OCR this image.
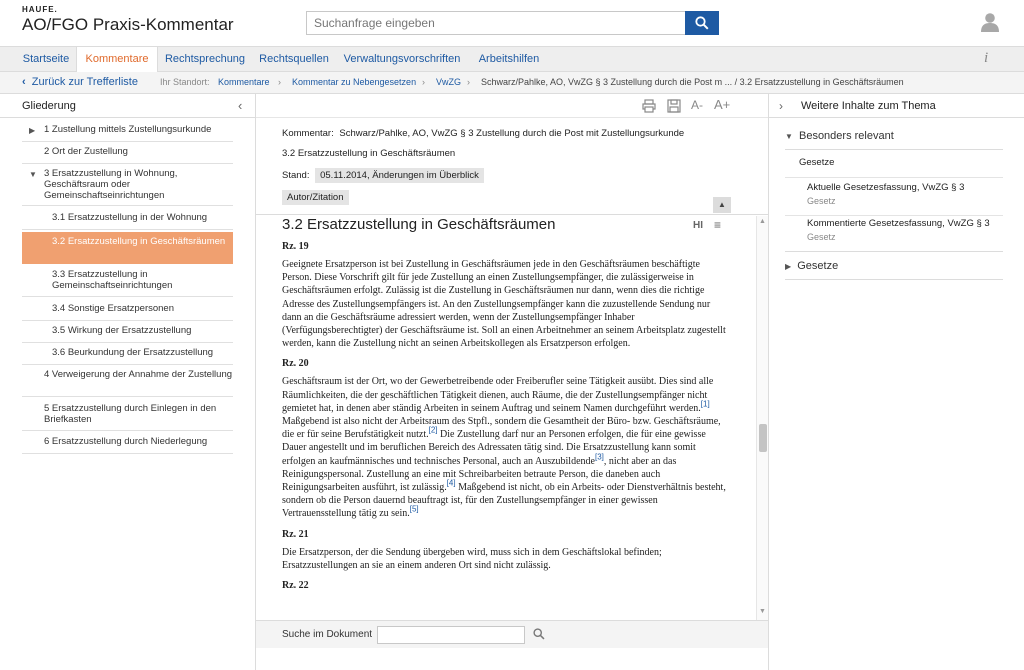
HAUFE.
AO/FGO Praxis-Kommentar
Suchanfrage eingeben
Startseite	Kommentare	Rechtsprechung	Rechtsquellen	Verwaltungsvorschriften	Arbeitshilfen	i
‹ Zurück zur Trefferliste Ihr Standort: Kommentare › Kommentar zu Nebengesetzen › VwZG › Schwarz/Pahlke, AO, VwZG § 3 Zustellung durch die Post m ... / 3.2 Ersatzzustellung in Geschäftsräumen
Gliederung	‹
▶ 1 Zustellung mittels Zustellungsurkunde
2 Ort der Zustellung
▼ 3 Ersatzzustellung in Wohnung, Geschäftsraum oder Gemeinschaftseinrichtungen
3.1 Ersatzzustellung in der Wohnung
3.2 Ersatzzustellung in Geschäftsräumen
3.3 Ersatzzustellung in Gemeinschaftseinrichtungen
3.4 Sonstige Ersatzpersonen
3.5 Wirkung der Ersatzzustellung
3.6 Beurkundung der Ersatzzustellung
4 Verweigerung der Annahme der Zustellung
5 Ersatzzustellung durch Einlegen in den Briefkasten
6 Ersatzzustellung durch Niederlegung
A- A+
Kommentar: Schwarz/Pahlke, AO, VwZG § 3 Zustellung durch die Post mit Zustellungsurkunde
3.2 Ersatzzustellung in Geschäftsräumen
Stand: 05.11.2014, Änderungen im Überblick
Autor/Zitation
▲
HI ≡
3.2 Ersatzzustellung in Geschäftsräumen
Rz. 19

Geeignete Ersatzperson ist bei Zustellung in Geschäftsräumen jede in den Geschäftsräumen beschäftigte Person. Diese Vorschrift gilt für jede Zustellung an einen Zustellungsempfänger, die zulässigerweise in Geschäftsräumen erfolgt. Zulässig ist die Zustellung in Geschäftsräumen nur dann, wenn dies die richtige Adresse des Zustellungsempfängers ist. An den Zustellungsempfänger kann die zuzustellende Sendung nur dann an die Geschäftsräume adressiert werden, wenn der Zustellungsempfänger Inhaber (Verfügungsberechtigter) der Geschäftsräume ist. Soll an einen Arbeitnehmer an seinem Arbeitsplatz zugestellt werden, kann die Zustellung nicht an seinen Arbeitskollegen als Ersatzperson erfolgen.

Rz. 20

Geschäftsraum ist der Ort, wo der Gewerbetreibende oder Freiberufler seine Tätigkeit ausübt. Dies sind alle Räumlichkeiten, die der geschäftlichen Tätigkeit dienen, auch Räume, die der Zustellungsempfänger nicht gemietet hat, in denen aber ständig Arbeiten in seinem Auftrag und seinem Namen durchgeführt werden.[1] Maßgebend ist also nicht der Arbeitsraum des Stpfl., sondern die Gesamtheit der Büro- bzw. Geschäftsräume, die er für seine Berufstätigkeit nutzt.[2] Die Zustellung darf nur an Personen erfolgen, die für eine gewisse Dauer angestellt und im beruflichen Bereich des Adressaten tätig sind. Die Ersatzzustellung kann somit erfolgen an kaufmännisches und technisches Personal, auch an Auszubildende[3], nicht aber an das Reinigungspersonal. Zustellung an eine mit Schreibarbeiten betraute Person, die daneben auch Reinigungsarbeiten ausführt, ist zulässig.[4] Maßgebend ist nicht, ob ein Arbeits- oder Dienstverhältnis besteht, sondern ob die Person dauernd beauftragt ist, für den Zustellungsempfänger in einer gewissen Vertrauensstellung tätig zu sein.[5]

Rz. 21

Die Ersatzperson, der die Sendung übergeben wird, muss sich in dem Geschäftslokal befinden; Ersatzzustellungen an sie an einem anderen Ort sind nicht zulässig.

Rz. 22
▲
▼
Suche im Dokument
› Weitere Inhalte zum Thema
▼ Besonders relevant
Gesetze
Aktuelle Gesetzesfassung, VwZG § 3
Gesetz
Kommentierte Gesetzesfassung, VwZG § 3
Gesetz
▶ Gesetze
